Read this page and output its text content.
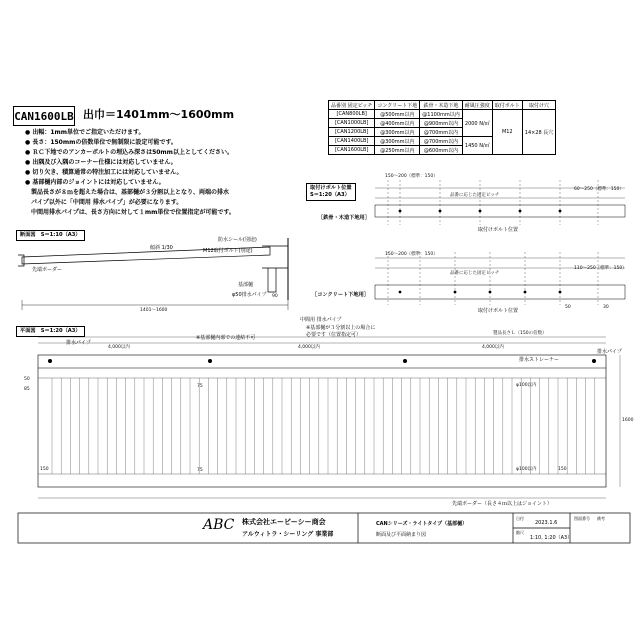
CAN1600LB 出巾＝1401mm～1600mm
● 出幅：1mm単位でご指定いただけます。
● 長さ：150mmの倍数単位で無制限に設定可能です。
● ＲＣ下地でのアンカーボルトの埋込み深さは50mm以上としてください。
● 出隅及び入隅のコーナー仕様には対応していません。
● 切り欠き、積算通常の特注加工には対応していません。
● 基部樋内部のジョイントには対応していません。
　製品長さが８ｍを超えた場合は、基部樋が３分割以上となり、両端の排水
　パイプ以外に「中間用 排水パイプ」が必要になります。
　中間用排水パイプは、長さ方向に対して１mm単位で位置指定が可能です。
品番別 固定ピッチ	コンクリート下地	鉄骨・木造下地	耐風圧強度	取付ボルト	取付け穴
[CAN800LB]	@500mm以内	@1100mm以内	2000 N/㎡	M12	14×28 長穴
[CAN1000LB]	@400mm以内	@900mm以内			
[CAN1200LB]	@300mm以内	@700mm以内			
[CAN1400LB]	@300mm以内	@700mm以内	1450 N/㎡		
[CAN1600LB]	@250mm以内	@600mm以内			
断面図　S＝1:10（A3）
傾斜 1/30
防水シール(別途)
M12取付ボルト(別途)
基部樋
φ50排水パイプ
先端ボーダー
1401～1600
90
取付けボルト位置
S＝1:20（A3）
［鉄骨・木造下地用］
［コンクリート下地用］
取付けボルト位置
取付けボルト位置
150～200（標準：150）
150～200（標準：150）
品番に応じた固定ピッチ
品番に応じた固定ピッチ
60～250（標準：150）
110～250（標準：150）
50	30
平面図　S＝1:20（A3）
排水パイプ
排水パイプ
※基部樋内部での連結不可
中間用 排水パイプ
※基部樋が３分割以上の場合に
必要です（位置指定可）
4,000以内	4,000以内	4,000以内
製品長さＬ（150の倍数）
排水ストレーナー
φ100以内
φ100以内
75
75
150	150
50
85
1600
先端ボーダー（長さ４ｍ以上はジョイント）
ABC 株式会社エービーシー商会
アルウィトラ・シーリング 事業部
CANシリーズ・ライトタイプ（基部樋）
断面及び平面納まり図
日付
2023.1.6
縮尺
1:10, 1:20（A3）
図面番号 備考
